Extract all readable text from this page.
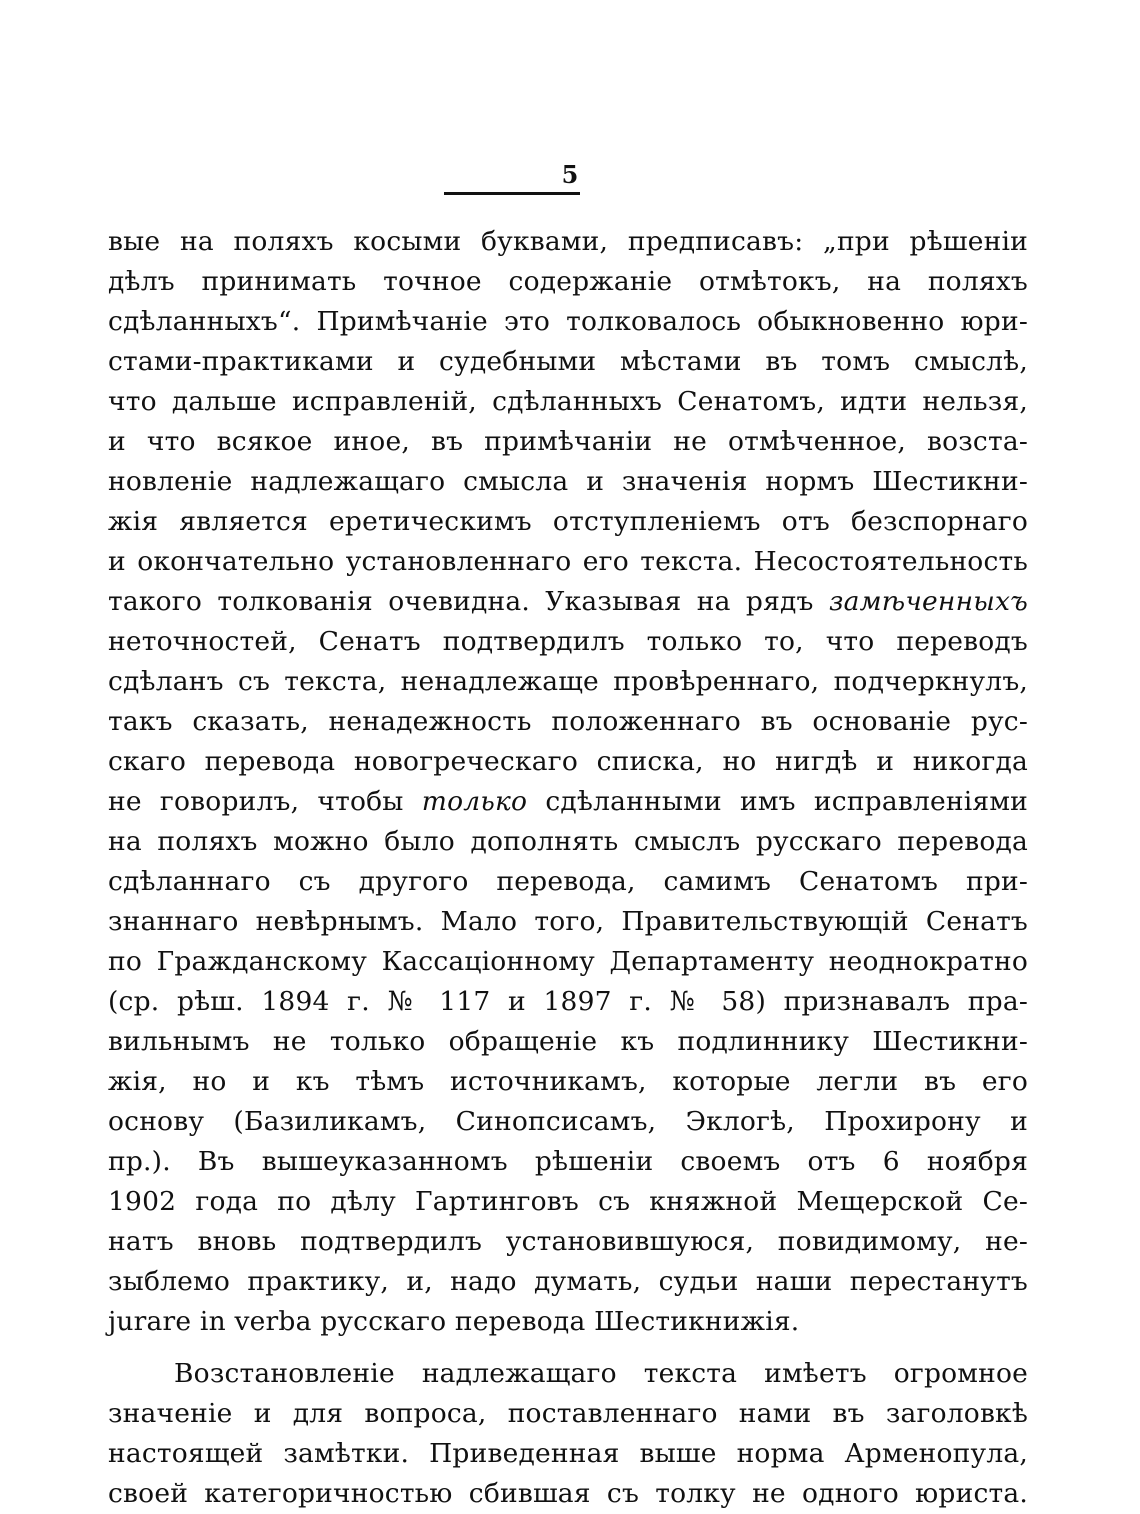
5
вые на поляхъ косыми буквами, предписавъ: „при рѣшеніи
дѣлъ принимать точное содержаніе отмѣтокъ, на поляхъ
сдѣланныхъ“. Примѣчаніе это толковалось обыкновенно юри-
стами-практиками и судебными мѣстами въ томъ смыслѣ,
что дальше исправленій, сдѣланныхъ Сенатомъ, идти нельзя,
и что всякое иное, въ примѣчаніи не отмѣченное, возста-
новленіе надлежащаго смысла и значенія нормъ Шестикни-
жія является еретическимъ отступленіемъ отъ безспорнаго
и окончательно установленнаго его текста. Несостоятельность
такого толкованія очевидна. Указывая на рядъ замѣченныхъ
неточностей, Сенатъ подтвердилъ только то, что переводъ
сдѣланъ съ текста, ненадлежаще провѣреннаго, подчеркнулъ,
такъ сказать, ненадежность положеннаго въ основаніе рус-
скаго перевода новогреческаго списка, но нигдѣ и никогда
не говорилъ, чтобы только сдѣланными имъ исправленіями
на поляхъ можно было дополнять смыслъ русскаго перевода
сдѣланнаго съ другого перевода, самимъ Сенатомъ при-
знаннаго невѣрнымъ. Мало того, Правительствующій Сенатъ
по Гражданскому Кассаціонному Департаменту неоднократно
(ср. рѣш. 1894 г. № 117 и 1897 г. № 58) признавалъ пра-
вильнымъ не только обращеніе къ подлиннику Шестикни-
жія, но и къ тѣмъ источникамъ, которые легли въ его
основу (Базиликамъ, Синопсисамъ, Эклогѣ, Прохирону и
пр.). Въ вышеуказанномъ рѣшеніи своемъ отъ 6 ноября
1902 года по дѣлу Гартинговъ съ княжной Мещерской Се-
натъ вновь подтвердилъ установившуюся, повидимому, не-
зыблемо практику, и, надо думать, судьи наши перестанутъ
jurare in verba русскаго перевода Шестикнижія.
Возстановленіе надлежащаго текста имѣетъ огромное
значеніе и для вопроса, поставленнаго нами въ заголовкѣ
настоящей замѣтки. Приведенная выше норма Арменопула,
своей категоричностью сбившая съ толку не одного юриста.
